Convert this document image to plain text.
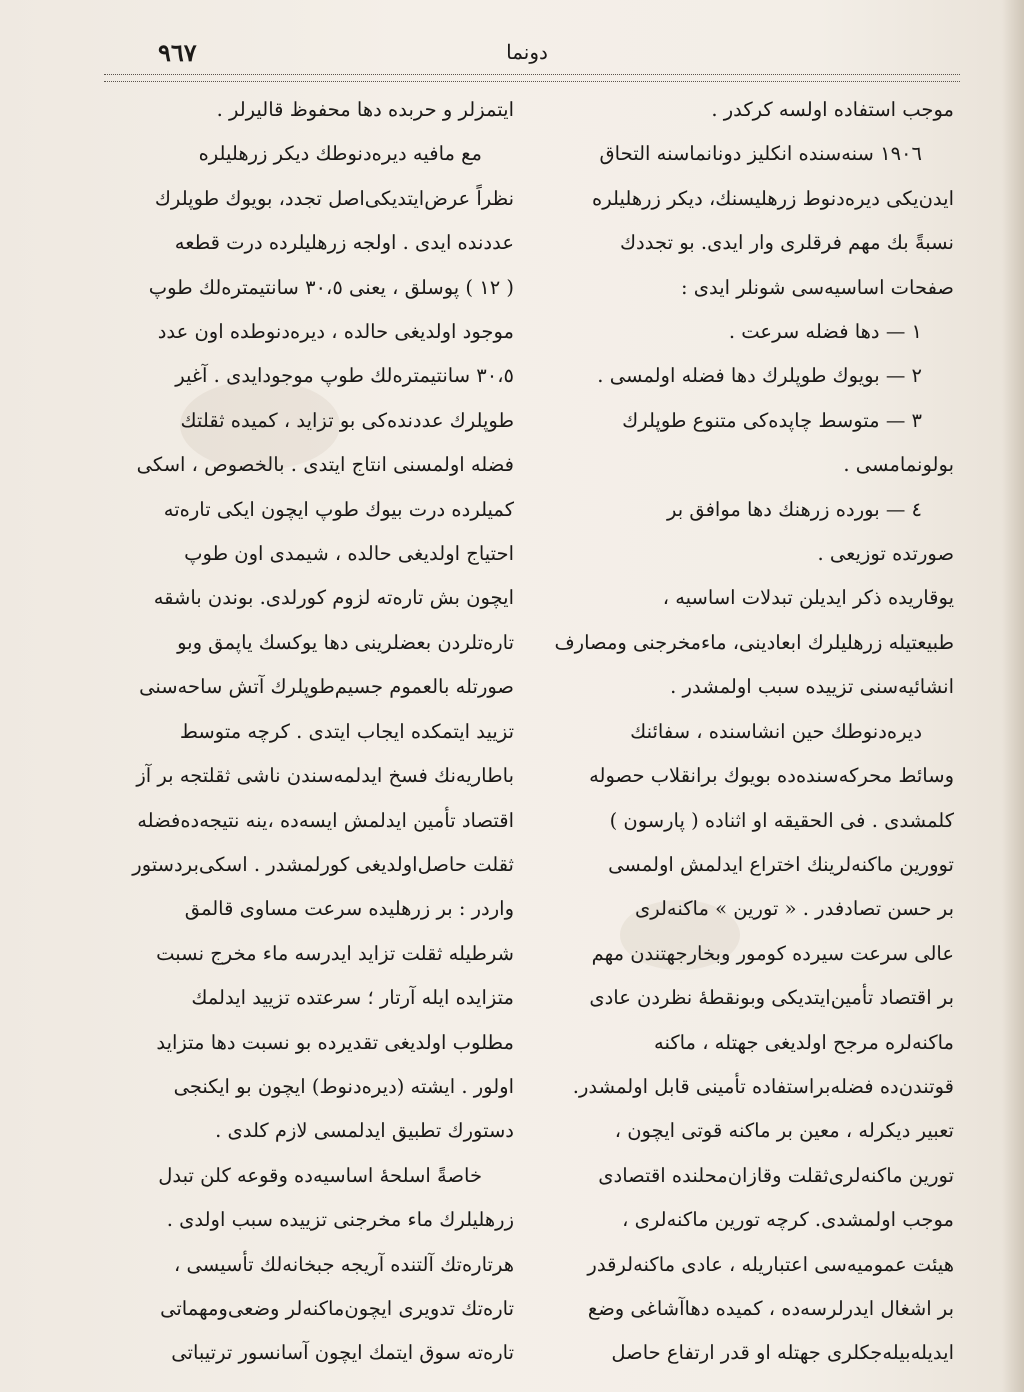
٩٦٧	دونما

موجب استفاده اولسه کرکدر .

١٩٠٦ سنه‌سنده انکلیز دونانماسنه التحاق

ایدن‌یکی دیره‌دنوط زرهلیسنك، دیکر زرهلیلره

نسبةً بك مهم فرقلری وار ایدی. بو تجددك

صفحات اساسیه‌سی شونلر ایدی :

١ — دها فضله سرعت .

٢ — بویوك طوپلرك دها فضله اولمسی .

٣ — متوسط چاپده‌كی متنوع طوپلرك

بولونمامسی .

٤ — بورده زرهنك دها موافق بر

صورتده توزیعی .

یوقاریده ذکر ایدیلن تبدلات اساسیه ،

طبیعتیله زرهلیلرك ابعادینی، ماءمخرجنی ومصارف

انشائیه‌سنی تزییده سبب اولمشدر .

دیره‌دنوطك حین انشاسنده ، سفائنك

وسائط محرکه‌سنده‌ده بویوك برانقلاب حصوله

کلمشدی . فی الحقیقه او اثناده ( پارسون )

توورین ماکنه‌لرینك اختراع ایدلمش اولمسی

بر حسن تصادفدر . « تورین » ماکنه‌لری

عالی سرعت سیرده کومور وبخارجهتندن مهم

بر اقتصاد تأمین‌ایتدیکی وبونقطهٔ نظردن عادی

ماکنه‌لره مرجح اولدیغی جهتله ، ماکنه

قوتندن‌ده فضله‌براستفاده تأمینی قابل اولمشدر.

تعبیر دیکرله ، معین بر ماکنه قوتی ایچون ،

تورین ماکنه‌لری‌ثقلت وقازان‌محلنده اقتصادی

موجب اولمشدی. کرچه تورین ماکنه‌لری ،

هیئت عمومیه‌سی اعتباریله ، عادی ماکنه‌لرقدر

بر اشغال ایدرلرسه‌ده ، کمیده دهاآشاغی وضع

ایدیله‌بیله‌جکلری جهتله او قدر ارتفاع حاصل

ایتمزلر و حربده دها محفوظ قالیرلر .

مع مافیه دیره‌دنوطك دیکر زرهلیلره

نظراً عرض‌ایتدیکی‌اصل تجدد، بویوك طوپلرك

عددنده ایدی . اولجه زرهلیلرده درت قطعه

( ١٢ ) پوسلق ، یعنی ٣٠،٥ سانتیمترەلك طوپ

موجود اولدیغی حالده ، دیره‌دنوطده اون عدد

٣٠،٥ سانتیمترەلك طوپ موجودایدی . آغیر

طوپلرك عددنده‌كی بو تزاید ، کمیده ثقلتك

فضله اولمسنی انتاج ایتدی . بالخصوص ، اسکی

کمیلرده درت بیوك طوپ ایچون ایکی تاره‌ته

احتیاج اولدیغی حالده ، شیمدی اون طوپ

ایچون بش تاره‌ته لزوم کورلدی. بوندن باشقه

تاره‌تلردن بعضلرینی دها یوکسك یاپمق وبو

صورتله بالعموم جسیم‌طوپلرك آتش ساحه‌سنی

تزیید ایتمكده ایجاب ایتدی . کرچه متوسط

باطاریه‌نك فسخ ایدلمه‌سندن ناشی ثقلتجه بر آز

اقتصاد تأمین ایدلمش ایسه‌ده ،ینه نتیجه‌ده‌فضله

ثقلت حاصل‌اولدیغی کورلمشدر . اسکی‌بردستور

واردر : بر زرهلیده سرعت مساوی قالمق

شرطیله ثقلت تزاید ایدرسه ماء مخرج نسبت

متزایده ایله آرتار ؛ سرعتده تزیید ایدلمك

مطلوب اولدیغی تقدیرده بو نسبت دها متزاید

اولور . ایشته (دیره‌دنوط) ایچون بو ایکنجی

دستورك تطبیق ایدلمسی لازم کلدی .

خاصةً اسلحهٔ اساسیه‌ده وقوعه کلن تبدل

زرهلیلرك ماء مخرجنی تزییده سبب اولدی .

هرتاره‌تك آلتنده آریجه جبخانه‌لك تأسیسی ،

تاره‌تك تدویری ایچون‌ماکنه‌لر وضعی‌ومهماتی

تاره‌ته سوق ایتمك ایچون آسانسور ترتیباتی
